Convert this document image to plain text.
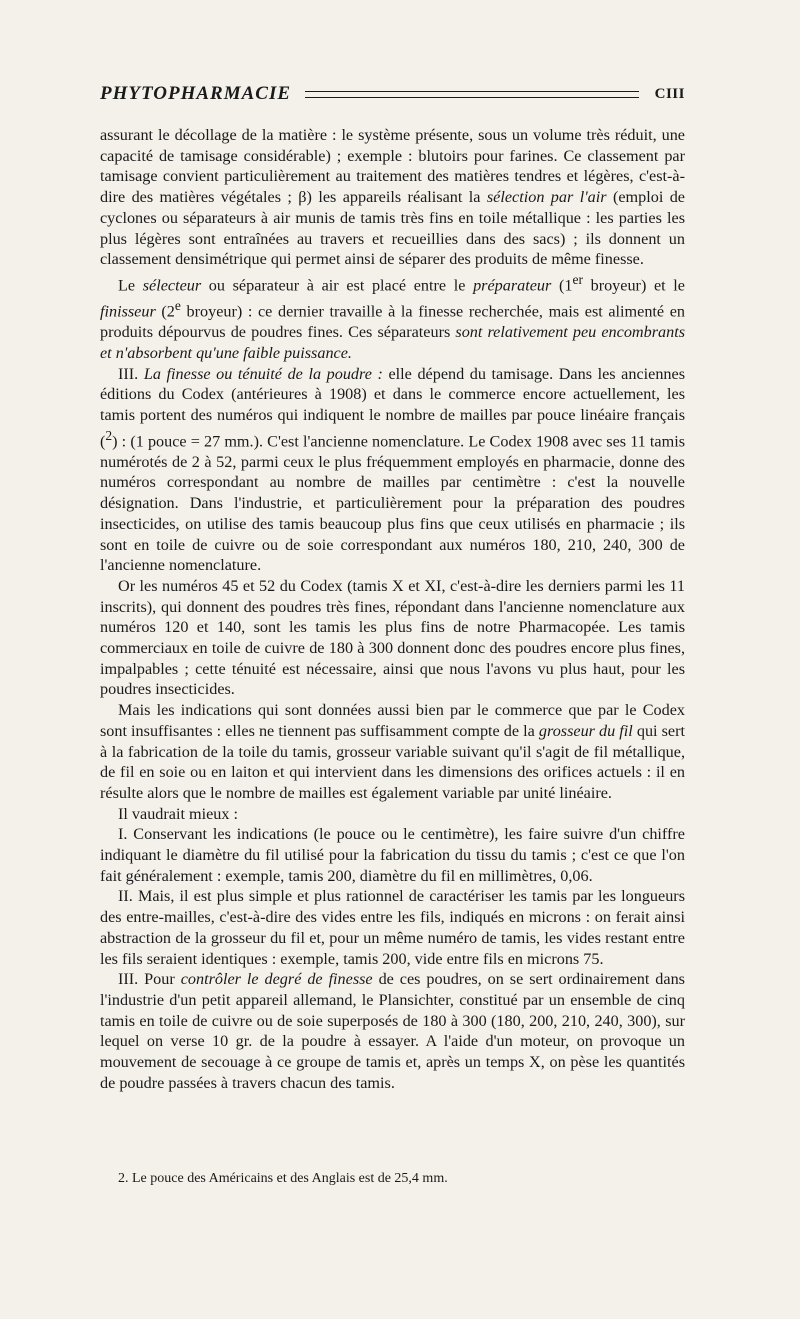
PHYTOPHARMACIE	CIII

assurant le décollage de la matière : le système présente, sous un volume très réduit, une capacité de tamisage considérable) ; exemple : blutoirs pour farines. Ce classement par tamisage convient particulièrement au traitement des matières tendres et légères, c'est-à-dire des matières végétales ; β) les appareils réalisant la sélection par l'air (emploi de cyclones ou séparateurs à air munis de tamis très fins en toile métallique : les parties les plus légères sont entraînées au travers et recueillies dans des sacs) ; ils donnent un classement densimétrique qui permet ainsi de séparer des produits de même finesse.

Le sélecteur ou séparateur à air est placé entre le préparateur (1er broyeur) et le finisseur (2e broyeur) : ce dernier travaille à la finesse recherchée, mais est alimenté en produits dépourvus de poudres fines. Ces séparateurs sont relativement peu encombrants et n'absorbent qu'une faible puissance.

III. La finesse ou ténuité de la poudre : elle dépend du tamisage. Dans les anciennes éditions du Codex (antérieures à 1908) et dans le commerce encore actuellement, les tamis portent des numéros qui indiquent le nombre de mailles par pouce linéaire français ($^2$) : (1 pouce = 27 mm.). C'est l'ancienne nomenclature. Le Codex 1908 avec ses 11 tamis numérotés de 2 à 52, parmi ceux le plus fréquemment employés en pharmacie, donne des numéros correspondant au nombre de mailles par centimètre : c'est la nouvelle désignation. Dans l'industrie, et particulièrement pour la préparation des poudres insecticides, on utilise des tamis beaucoup plus fins que ceux utilisés en pharmacie ; ils sont en toile de cuivre ou de soie correspondant aux numéros 180, 210, 240, 300 de l'ancienne nomenclature.

Or les numéros 45 et 52 du Codex (tamis X et XI, c'est-à-dire les derniers parmi les 11 inscrits), qui donnent des poudres très fines, répondant dans l'ancienne nomenclature aux numéros 120 et 140, sont les tamis les plus fins de notre Pharmacopée. Les tamis commerciaux en toile de cuivre de 180 à 300 donnent donc des poudres encore plus fines, impalpables ; cette ténuité est nécessaire, ainsi que nous l'avons vu plus haut, pour les poudres insecticides.

Mais les indications qui sont données aussi bien par le commerce que par le Codex sont insuffisantes : elles ne tiennent pas suffisamment compte de la grosseur du fil qui sert à la fabrication de la toile du tamis, grosseur variable suivant qu'il s'agit de fil métallique, de fil en soie ou en laiton et qui intervient dans les dimensions des orifices actuels : il en résulte alors que le nombre de mailles est également variable par unité linéaire.

Il vaudrait mieux :

I. Conservant les indications (le pouce ou le centimètre), les faire suivre d'un chiffre indiquant le diamètre du fil utilisé pour la fabrication du tissu du tamis ; c'est ce que l'on fait généralement : exemple, tamis 200, diamètre du fil en millimètres, 0,06.

II. Mais, il est plus simple et plus rationnel de caractériser les tamis par les longueurs des entre-mailles, c'est-à-dire des vides entre les fils, indiqués en microns : on ferait ainsi abstraction de la grosseur du fil et, pour un même numéro de tamis, les vides restant entre les fils seraient identiques : exemple, tamis 200, vide entre fils en microns 75.

III. Pour contrôler le degré de finesse de ces poudres, on se sert ordinairement dans l'industrie d'un petit appareil allemand, le Plansichter, constitué par un ensemble de cinq tamis en toile de cuivre ou de soie superposés de 180 à 300 (180, 200, 210, 240, 300), sur lequel on verse 10 gr. de la poudre à essayer. A l'aide d'un moteur, on provoque un mouvement de secouage à ce groupe de tamis et, après un temps X, on pèse les quantités de poudre passées à travers chacun des tamis.

2. Le pouce des Américains et des Anglais est de 25,4 mm.
